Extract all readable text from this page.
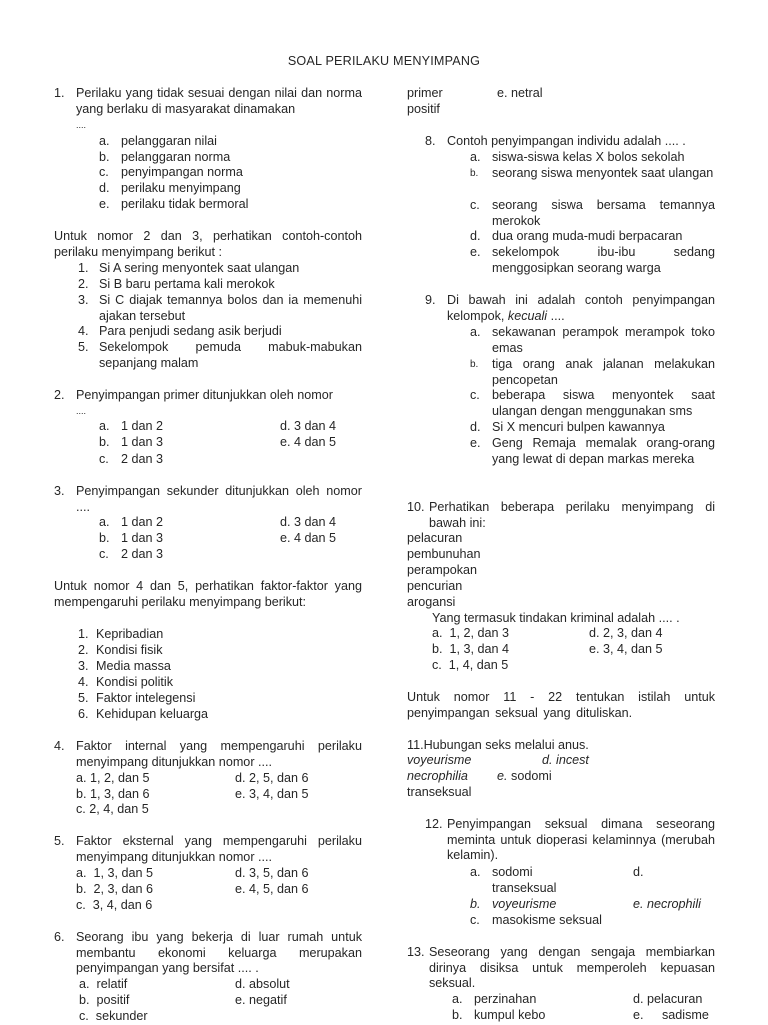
SOAL PERILAKU MENYIMPANG
1. Perilaku yang tidak sesuai dengan nilai dan norma yang berlaku di masyarakat dinamakan
....
a. pelanggaran nilai
b. pelanggaran norma
c. penyimpangan norma
d. perilaku menyimpang
e. perilaku tidak bermoral
Untuk nomor 2 dan 3, perhatikan contoh-contoh perilaku menyimpang berikut :
1. Si A sering menyontek saat ulangan
2. Si B baru pertama kali merokok
3. Si C diajak temannya bolos dan ia memenuhi ajakan tersebut
4. Para penjudi sedang asik berjudi
5. Sekelompok pemuda mabuk-mabukan sepanjang malam
2. Penyimpangan primer ditunjukkan oleh nomor
....
a. 1 dan 2	d. 3 dan 4
b. 1 dan 3	e. 4 dan 5
c. 2 dan 3
3. Penyimpangan sekunder ditunjukkan oleh nomor ....
a. 1 dan 2	d. 3 dan 4
b. 1 dan 3	e. 4 dan 5
c. 2 dan 3
Untuk nomor 4 dan 5, perhatikan faktor-faktor yang mempengaruhi perilaku menyimpang berikut:
1. Kepribadian
2. Kondisi fisik
3. Media massa
4. Kondisi politik
5. Faktor intelegensi
6. Kehidupan keluarga
4. Faktor internal yang mempengaruhi perilaku menyimpang ditunjukkan nomor ....
a. 1, 2, dan 5	d. 2, 5, dan 6
b. 1, 3, dan 6	e. 3, 4, dan 5
c. 2, 4, dan 5
5. Faktor eksternal yang mempengaruhi perilaku menyimpang ditunjukkan nomor ....
a. 1, 3, dan 5	d. 3, 5, dan 6
b. 2, 3, dan 6	e. 4, 5, dan 6
c. 3, 4, dan 6
6. Seorang ibu yang bekerja di luar rumah untuk membantu ekonomi keluarga merupakan penyimpangan yang bersifat .... .
a. relatif	d. absolut
b. positif	e. negatif
c. sekunder
primer	e. netral
positif
8. Contoh penyimpangan individu adalah .... .
a. siswa-siswa kelas X bolos sekolah
b. seorang siswa menyontek saat ulangan
c. seorang siswa bersama temannya merokok
d. dua orang muda-mudi berpacaran
e. sekelompok ibu-ibu sedang menggosipkan seorang warga
9. Di bawah ini adalah contoh penyimpangan kelompok, kecuali ....
a. sekawanan perampok merampok toko emas
b. tiga orang anak jalanan melakukan pencopetan
c. beberapa siswa menyontek saat ulangan dengan menggunakan sms
d. Si X mencuri bulpen kawannya
e. Geng Remaja memalak orang-orang yang lewat di depan markas mereka
10. Perhatikan beberapa perilaku menyimpang di bawah ini:
pelacuran
pembunuhan
perampokan
pencurian
arogansi
Yang termasuk tindakan kriminal adalah .... .
a. 1, 2, dan 3	d. 2, 3, dan 4
b. 1, 3, dan 4	e. 3, 4, dan 5
c. 1, 4, dan 5
Untuk nomor 11 - 22 tentukan istilah untuk penyimpangan seksual yang dituliskan.
11.Hubungan seks melalui anus.
voyeurisme	d. incest
necrophilia e. sodomi
transeksual
12. Penyimpangan seksual dimana seseorang meminta untuk dioperasi kelaminnya (merubah kelamin).
a. sodomi	d.
transeksual
b. voyeurisme	e. necrophili
c. masokisme seksual
13. Seseorang yang dengan sengaja membiarkan dirinya disiksa untuk memperoleh kepuasan seksual.
a. perzinahan	d. pelacuran
b. kumpul kebo	e. sadisme
